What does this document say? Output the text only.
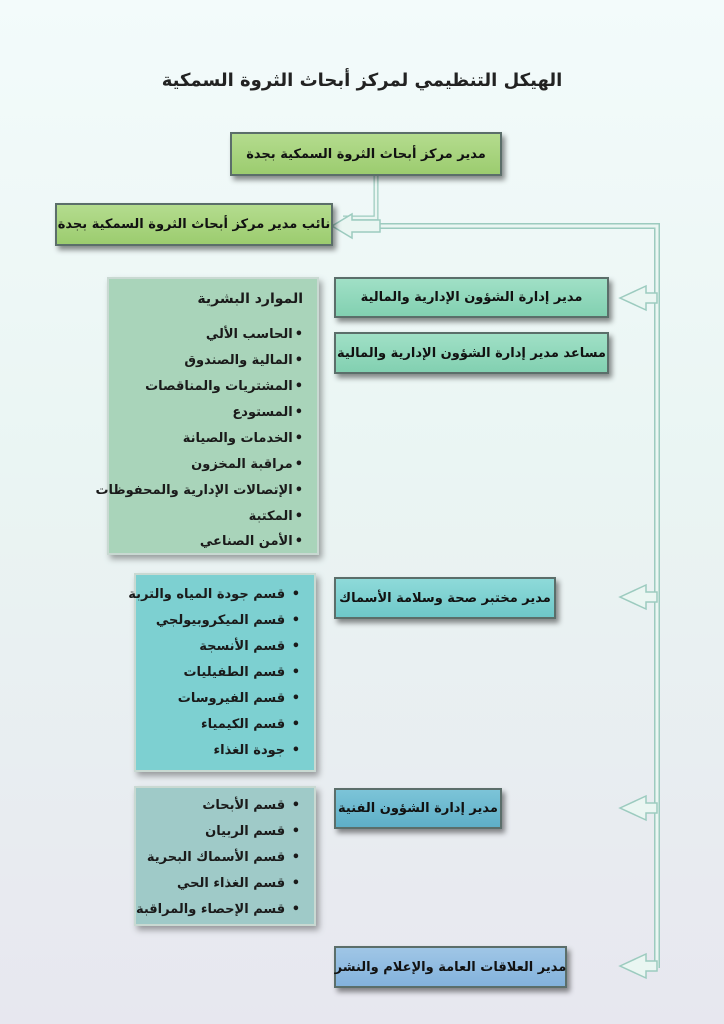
الهيكل التنظيمي لمركز أبحاث الثروة السمكية
مدير مركز أبحاث الثروة السمكية بجدة
نائب مدير مركز أبحاث الثروة السمكية بجدة
مدير إدارة الشؤون الإدارية والمالية
مساعد مدير إدارة الشؤون الإدارية والمالية
الموارد البشرية
•الحاسب الألي
•المالية والصندوق
•المشتريات والمناقصات
•المستودع
•الخدمات والصيانة
•مراقبة المخزون
•الإتصالات الإدارية والمحفوظات
•المكتبة
•الأمن الصناعي
مدير مختبر صحة وسلامة الأسماك
• قسم جودة المياه والتربة
• قسم الميكروبيولجي
• قسم الأنسجة
• قسم الطفيليات
• قسم الفيروسات
• قسم الكيمياء
• جودة الغذاء
مدير إدارة الشؤون الفنية
• قسم الأبحاث
• قسم الربيان
• قسم الأسماك البحرية
• قسم الغذاء الحي
• قسم الإحصاء والمراقبة
مدير العلاقات العامة والإعلام والنشر
